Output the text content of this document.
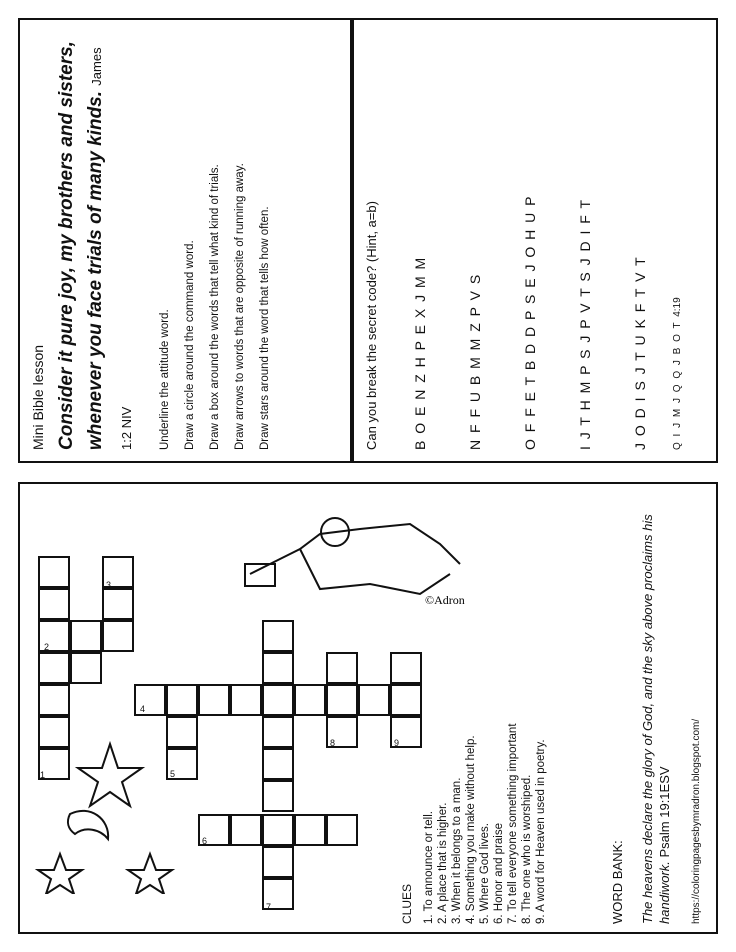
Mini Bible lesson Consider it pure joy, my brothers and sisters, whenever you face trials of many kinds. James 1:2 NIV	Underline the attitude word.	Draw a circle around the command word.	Draw a box around the words that tell what kind of trials.	Draw arrows to words that are opposite of running away.	Draw stars around the word that tells how often.	Can you break the secret code? (Hint, a=b)	B O E N Z H P E X J M M	N F F U B M M Z P V S	O F F E T B D D P S E J O H U P	I J T H M P S J P V T S J D I F T	J O D I S J T U K F T V T	Q I J M J Q Q J B O T 4:19
1
2
3
4
5
6
7
8	9
©Adron
CLUES 1. To announce or tell. 2. A place that is higher. 3. When it belongs to a man. 4. Something you make without help. 5. Where God lives. 6. Honor and praise 7. To tell everyone something important 8. The one who is worshiped. 9. A word for Heaven used in poetry.	WORD BANK: The heavens declare the glory of God, and the sky above proclaims his handiwork. Psalm 19:1ESV https://coloringpagesbymradron.blogspot.com/
